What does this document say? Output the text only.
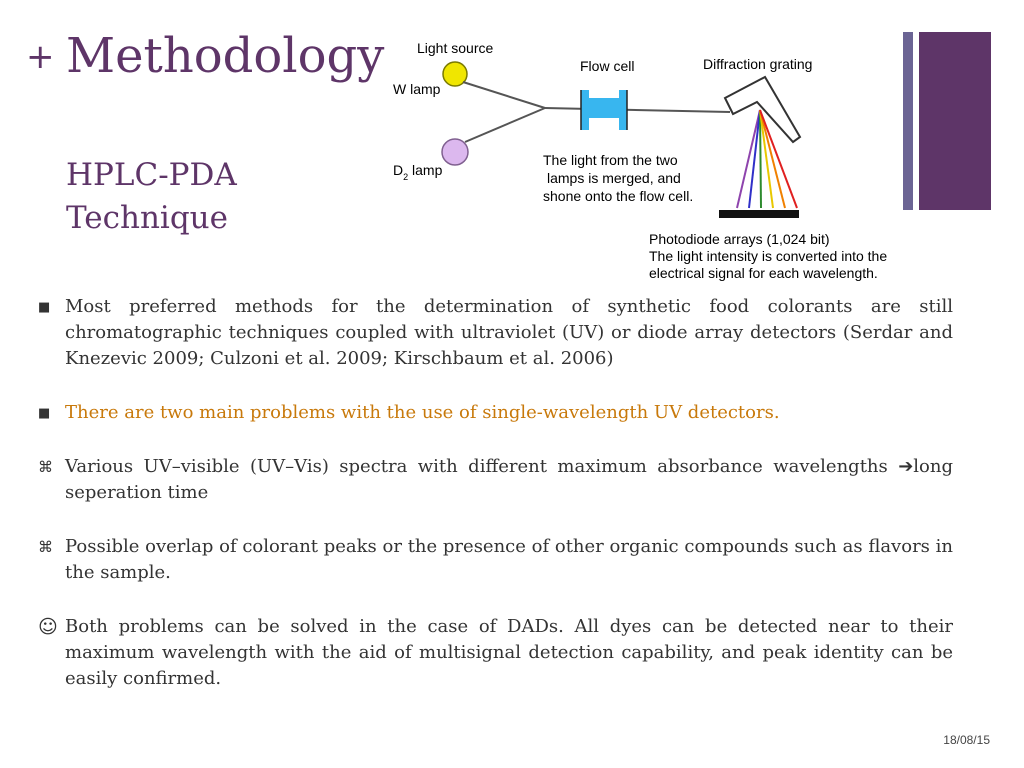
+ Methodology
HPLC-PDA
Technique
Light source
W lamp
$D_2$ lamp
Flow cell	Diffraction grating
The light from the two
lamps is merged, and
shone onto the flow cell.
Photodiode arrays (1,024 bit)
The light intensity is converted into the
electrical signal for each wavelength.
■ Most preferred methods for the determination of synthetic food colorants are still chromatographic techniques coupled with ultraviolet (UV) or diode array detectors (Serdar and Knezevic 2009; Culzoni et al. 2009; Kirschbaum et al. 2006)
■ There are two main problems with the use of single-wavelength UV detectors.
⌘ Various UV–visible (UV–Vis) spectra with different maximum absorbance wavelengths ➔long seperation time
⌘ Possible overlap of colorant peaks or the presence of other organic compounds such as flavors in the sample.
☺ Both problems can be solved in the case of DADs. All dyes can be detected near to their maximum wavelength with the aid of multisignal detection capability, and peak identity can be easily confirmed.
18/08/15
